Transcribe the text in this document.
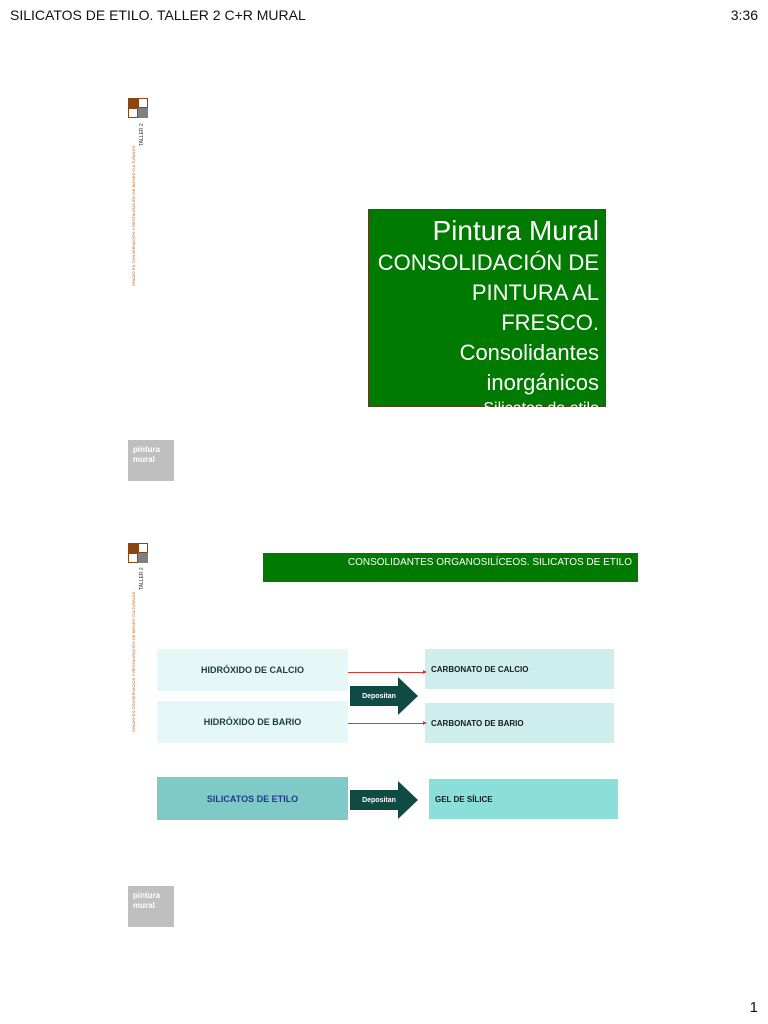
SILICATOS DE ETILO. TALLER 2 C+R MURAL	3:36
GRADO EN CONSERVACIÓN Y RESTAURACIÓN DE BIENES CULTURALES
TALLER 2
Pintura Mural
CONSOLIDACIÓN DE
PINTURA AL FRESCO.
Consolidantes
inorgánicos
Silicatos de etilo
pintura
mural
GRADO EN CONSERVACIÓN Y RESTAURACIÓN DE BIENES CULTURALES
TALLER 2
CONSOLIDANTES ORGANOSILÍCEOS. SILICATOS DE ETILO
HIDRÓXIDO DE CALCIO
HIDRÓXIDO DE BARIO
SILICATOS DE ETILO
CARBONATO DE CALCIO
CARBONATO DE BARIO
GEL DE SÍLICE
Depositan
Depositan
pintura
mural
1
